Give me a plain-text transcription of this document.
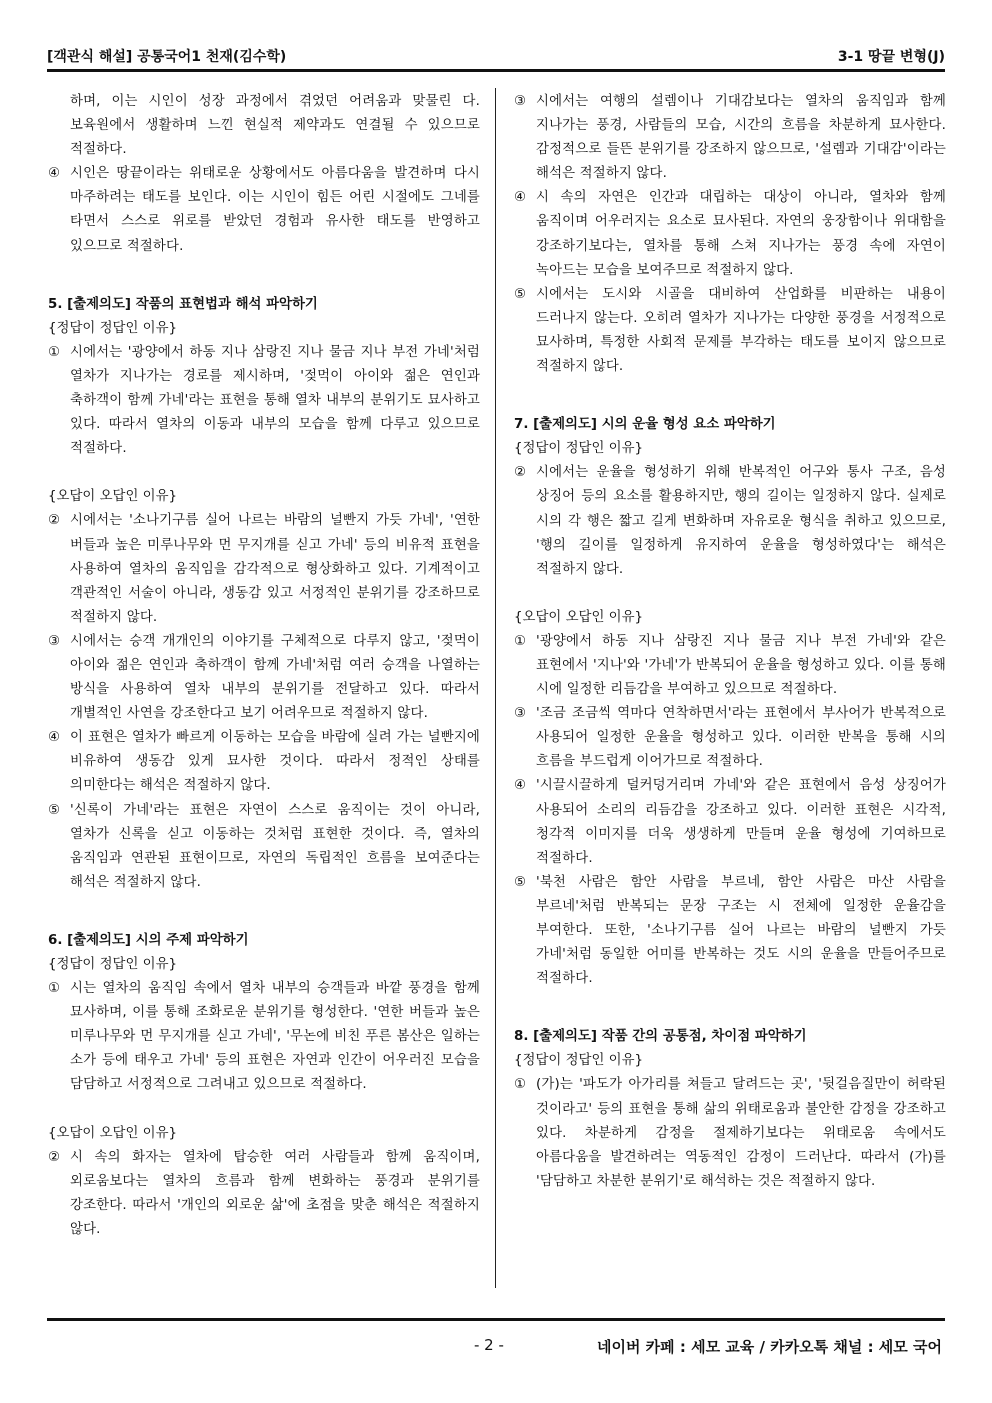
[객관식 해설] 공통국어1 천재(김수학)	3-1 땅끝 변형(J)

하며, 이는 시인이 성장 과정에서 겪었던 어려움과 맞물린 다. 보육원에서 생활하며 느낀 현실적 제약과도 연결될 수 있으므로 적절하다.

④ 시인은 땅끝이라는 위태로운 상황에서도 아름다움을 발견하며 다시 마주하려는 태도를 보인다. 이는 시인이 힘든 어린 시절에도 그네를 타면서 스스로 위로를 받았던 경험과 유사한 태도를 반영하고 있으므로 적절하다.

5. [출제의도] 작품의 표현법과 해석 파악하기

{정답이 정답인 이유}

① 시에서는 '광양에서 하동 지나 삼랑진 지나 물금 지나 부전 가네'처럼 열차가 지나가는 경로를 제시하며, '젖먹이 아이와 젊은 연인과 축하객이 함께 가네'라는 표현을 통해 열차 내부의 분위기도 묘사하고 있다. 따라서 열차의 이동과 내부의 모습을 함께 다루고 있으므로 적절하다.

{오답이 오답인 이유}

② 시에서는 '소나기구름 실어 나르는 바람의 널빤지 가듯 가네', '연한 버들과 높은 미루나무와 먼 무지개를 싣고 가네' 등의 비유적 표현을 사용하여 열차의 움직임을 감각적으로 형상화하고 있다. 기계적이고 객관적인 서술이 아니라, 생동감 있고 서정적인 분위기를 강조하므로 적절하지 않다.
③ 시에서는 승객 개개인의 이야기를 구체적으로 다루지 않고, '젖먹이 아이와 젊은 연인과 축하객이 함께 가네'처럼 여러 승객을 나열하는 방식을 사용하여 열차 내부의 분위기를 전달하고 있다. 따라서 개별적인 사연을 강조한다고 보기 어려우므로 적절하지 않다.
④ 이 표현은 열차가 빠르게 이동하는 모습을 바람에 실려 가는 널빤지에 비유하여 생동감 있게 묘사한 것이다. 따라서 정적인 상태를 의미한다는 해석은 적절하지 않다.
⑤ '신록이 가네'라는 표현은 자연이 스스로 움직이는 것이 아니라, 열차가 신록을 싣고 이동하는 것처럼 표현한 것이다. 즉, 열차의 움직임과 연관된 표현이므로, 자연의 독립적인 흐름을 보여준다는 해석은 적절하지 않다.

6. [출제의도] 시의 주제 파악하기

{정답이 정답인 이유}

① 시는 열차의 움직임 속에서 열차 내부의 승객들과 바깥 풍경을 함께 묘사하며, 이를 통해 조화로운 분위기를 형성한다. '연한 버들과 높은 미루나무와 먼 무지개를 싣고 가네', '무논에 비친 푸른 봄산은 일하는 소가 등에 태우고 가네' 등의 표현은 자연과 인간이 어우러진 모습을 담담하고 서정적으로 그려내고 있으므로 적절하다.

{오답이 오답인 이유}

② 시 속의 화자는 열차에 탑승한 여러 사람들과 함께 움직이며, 외로움보다는 열차의 흐름과 함께 변화하는 풍경과 분위기를 강조한다. 따라서 '개인의 외로운 삶'에 초점을 맞춘 해석은 적절하지 않다.
③ 시에서는 여행의 설렘이나 기대감보다는 열차의 움직임과 함께 지나가는 풍경, 사람들의 모습, 시간의 흐름을 차분하게 묘사한다. 감정적으로 들뜬 분위기를 강조하지 않으므로, '설렘과 기대감'이라는 해석은 적절하지 않다.
④ 시 속의 자연은 인간과 대립하는 대상이 아니라, 열차와 함께 움직이며 어우러지는 요소로 묘사된다. 자연의 웅장함이나 위대함을 강조하기보다는, 열차를 통해 스쳐 지나가는 풍경 속에 자연이 녹아드는 모습을 보여주므로 적절하지 않다.
⑤ 시에서는 도시와 시골을 대비하여 산업화를 비판하는 내용이 드러나지 않는다. 오히려 열차가 지나가는 다양한 풍경을 서정적으로 묘사하며, 특정한 사회적 문제를 부각하는 태도를 보이지 않으므로 적절하지 않다.

7. [출제의도] 시의 운율 형성 요소 파악하기

{정답이 정답인 이유}

② 시에서는 운율을 형성하기 위해 반복적인 어구와 통사 구조, 음성 상징어 등의 요소를 활용하지만, 행의 길이는 일정하지 않다. 실제로 시의 각 행은 짧고 길게 변화하며 자유로운 형식을 취하고 있으므로, '행의 길이를 일정하게 유지하여 운율을 형성하였다'는 해석은 적절하지 않다.

{오답이 오답인 이유}

① '광양에서 하동 지나 삼랑진 지나 물금 지나 부전 가네'와 같은 표현에서 '지나'와 '가네'가 반복되어 운율을 형성하고 있다. 이를 통해 시에 일정한 리듬감을 부여하고 있으므로 적절하다.
③ '조금 조금씩 역마다 연착하면서'라는 표현에서 부사어가 반복적으로 사용되어 일정한 운율을 형성하고 있다. 이러한 반복을 통해 시의 흐름을 부드럽게 이어가므로 적절하다.
④ '시끌시끌하게 덜커덩거리며 가네'와 같은 표현에서 음성 상징어가 사용되어 소리의 리듬감을 강조하고 있다. 이러한 표현은 시각적, 청각적 이미지를 더욱 생생하게 만들며 운율 형성에 기여하므로 적절하다.
⑤ '북천 사람은 함안 사람을 부르네, 함안 사람은 마산 사람을 부르네'처럼 반복되는 문장 구조는 시 전체에 일정한 운율감을 부여한다. 또한, '소나기구름 실어 나르는 바람의 널빤지 가듯 가네'처럼 동일한 어미를 반복하는 것도 시의 운율을 만들어주므로 적절하다.

8. [출제의도] 작품 간의 공통점, 차이점 파악하기

{정답이 정답인 이유}

① (가)는 '파도가 아가리를 쳐들고 달려드는 곳', '뒷걸음질만이 허락된 것이라고' 등의 표현을 통해 삶의 위태로움과 불안한 감정을 강조하고 있다. 차분하게 감정을 절제하기보다는 위태로움 속에서도 아름다움을 발견하려는 역동적인 감정이 드러난다. 따라서 (가)를 '담담하고 차분한 분위기'로 해석하는 것은 적절하지 않다.
- 2 -	네이버 카페 : 세모 교육 / 카카오톡 채널 : 세모 국어
